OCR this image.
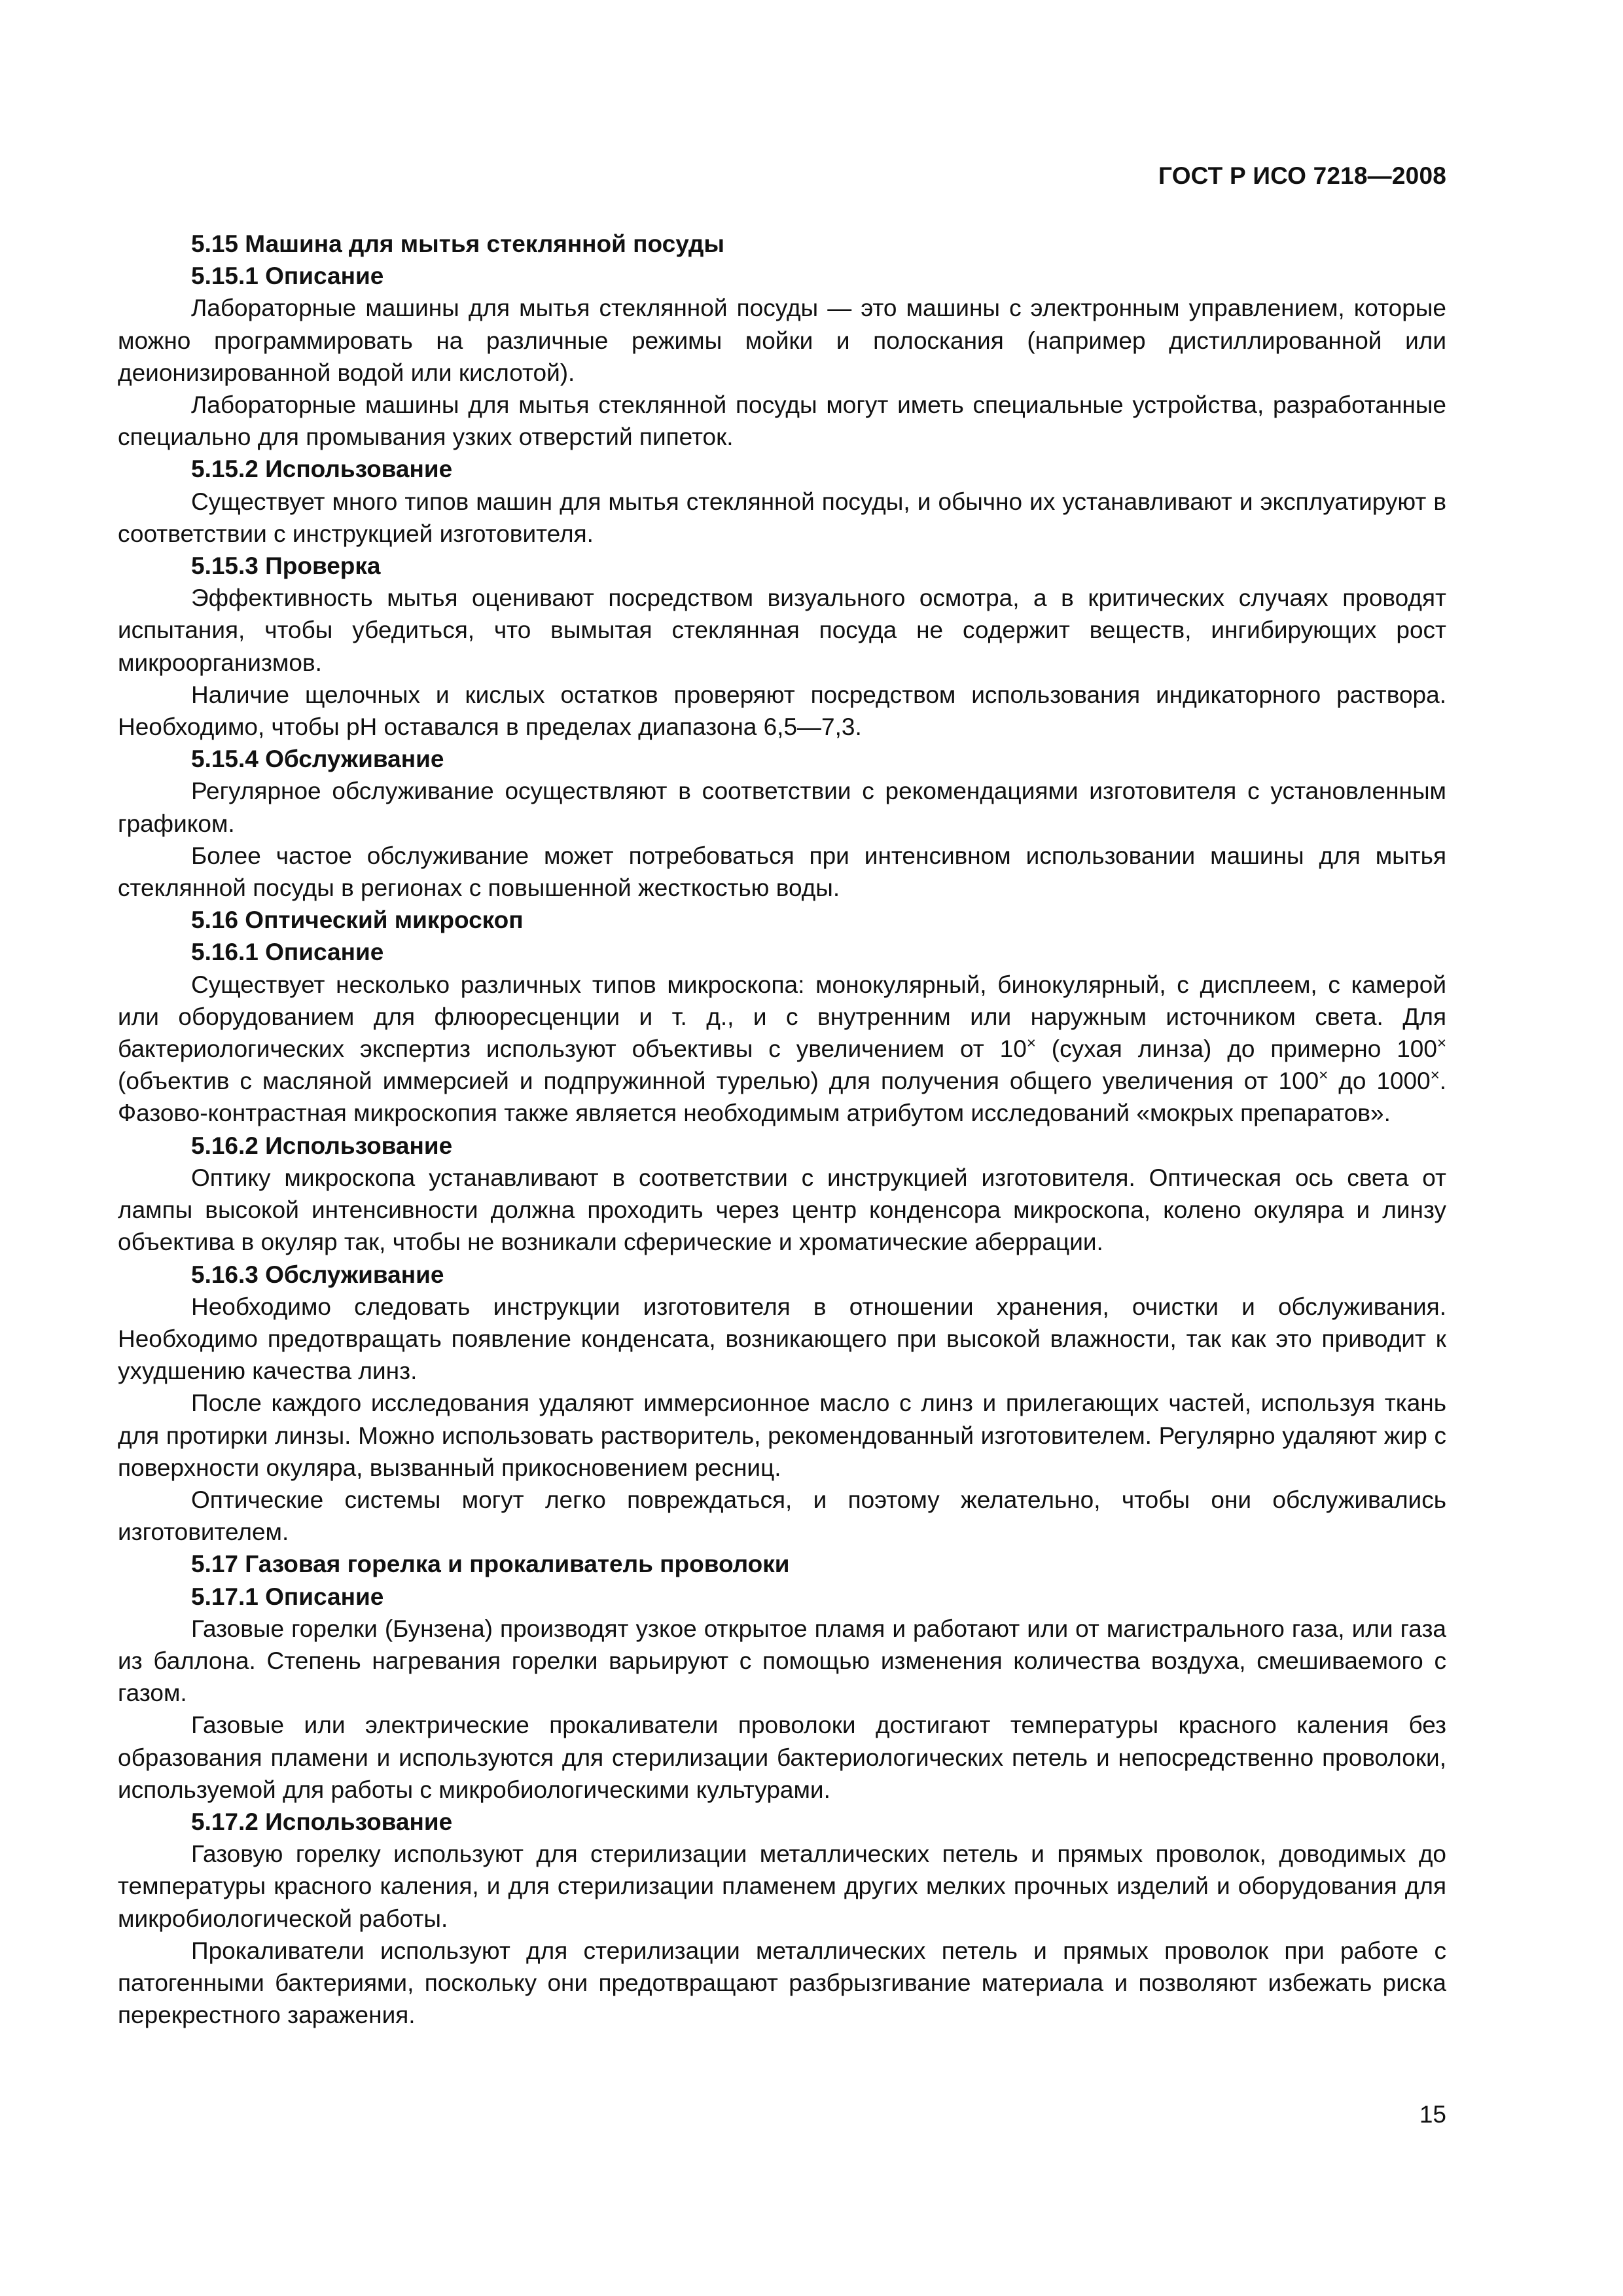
ГОСТ Р ИСО 7218—2008
5.15 Машина для мытья стеклянной посуды
5.15.1 Описание

Лабораторные машины для мытья стеклянной посуды — это машины с электронным управлением, которые можно программировать на различные режимы мойки и полоскания (например дистиллированной или деионизированной водой или кислотой).

Лабораторные машины для мытья стеклянной посуды могут иметь специальные устройства, разработанные специально для промывания узких отверстий пипеток.

5.15.2 Использование

Существует много типов машин для мытья стеклянной посуды, и обычно их устанавливают и эксплуатируют в соответствии с инструкцией изготовителя.

5.15.3 Проверка

Эффективность мытья оценивают посредством визуального осмотра, а в критических случаях проводят испытания, чтобы убедиться, что вымытая стеклянная посуда не содержит веществ, ингибирующих рост микроорганизмов.

Наличие щелочных и кислых остатков проверяют посредством использования индикаторного раствора. Необходимо, чтобы pH оставался в пределах диапазона 6,5—7,3.

5.15.4 Обслуживание

Регулярное обслуживание осуществляют в соответствии с рекомендациями изготовителя с установленным графиком.

Более частое обслуживание может потребоваться при интенсивном использовании машины для мытья стеклянной посуды в регионах с повышенной жесткостью воды.

5.16 Оптический микроскоп
5.16.1 Описание

Существует несколько различных типов микроскопа: монокулярный, бинокулярный, с дисплеем, с камерой или оборудованием для флюоресценции и т. д., и с внутренним или наружным источником света. Для бактериологических экспертиз используют объективы с увеличением от 10× (сухая линза) до примерно 100× (объектив с масляной иммерсией и подпружинной турелью) для получения общего увеличения от 100× до 1000×. Фазово-контрастная микроскопия также является необходимым атрибутом исследований «мокрых препаратов».

5.16.2 Использование

Оптику микроскопа устанавливают в соответствии с инструкцией изготовителя. Оптическая ось света от лампы высокой интенсивности должна проходить через центр конденсора микроскопа, колено окуляра и линзу объектива в окуляр так, чтобы не возникали сферические и хроматические аберрации.

5.16.3 Обслуживание

Необходимо следовать инструкции изготовителя в отношении хранения, очистки и обслуживания. Необходимо предотвращать появление конденсата, возникающего при высокой влажности, так как это приводит к ухудшению качества линз.

После каждого исследования удаляют иммерсионное масло с линз и прилегающих частей, используя ткань для протирки линзы. Можно использовать растворитель, рекомендованный изготовителем. Регулярно удаляют жир с поверхности окуляра, вызванный прикосновением ресниц.

Оптические системы могут легко повреждаться, и поэтому желательно, чтобы они обслуживались изготовителем.

5.17 Газовая горелка и прокаливатель проволоки
5.17.1 Описание

Газовые горелки (Бунзена) производят узкое открытое пламя и работают или от магистрального газа, или газа из баллона. Степень нагревания горелки варьируют с помощью изменения количества воздуха, смешиваемого с газом.

Газовые или электрические прокаливатели проволоки достигают температуры красного каления без образования пламени и используются для стерилизации бактериологических петель и непосредственно проволоки, используемой для работы с микробиологическими культурами.

5.17.2 Использование

Газовую горелку используют для стерилизации металлических петель и прямых проволок, доводимых до температуры красного каления, и для стерилизации пламенем других мелких прочных изделий и оборудования для микробиологической работы.

Прокаливатели используют для стерилизации металлических петель и прямых проволок при работе с патогенными бактериями, поскольку они предотвращают разбрызгивание материала и позволяют избежать риска перекрестного заражения.

15
